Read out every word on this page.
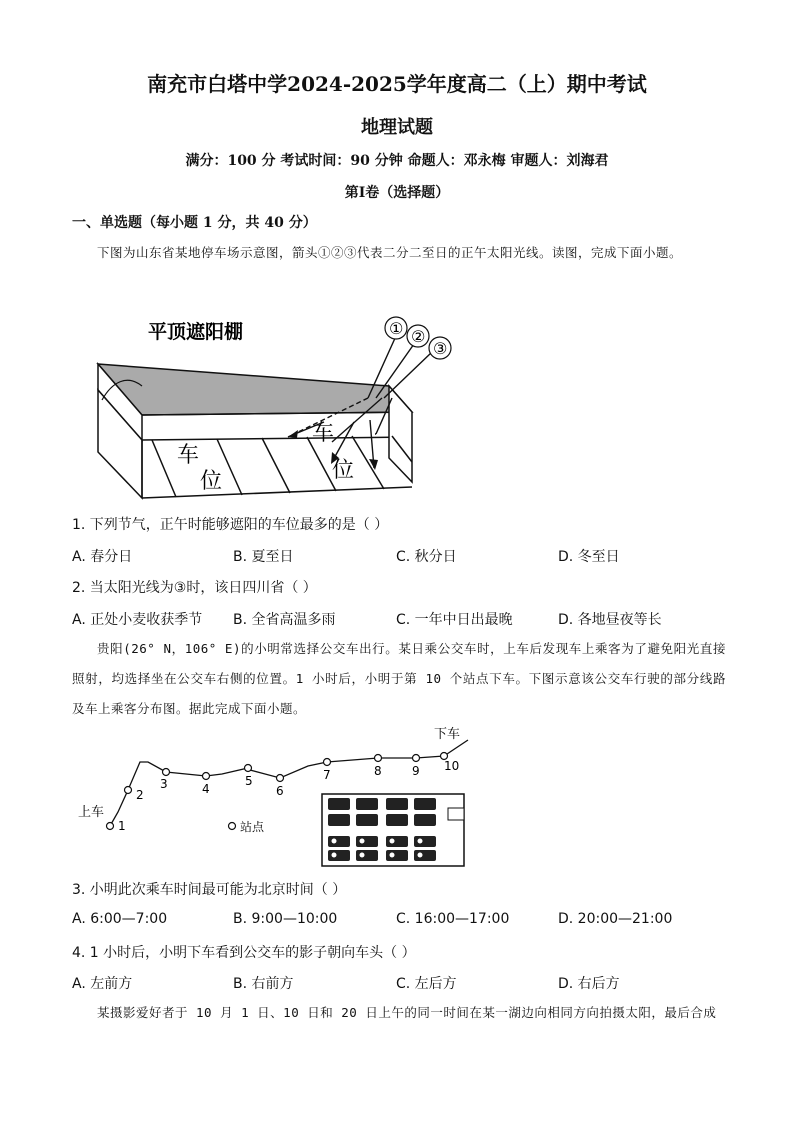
南充市白塔中学2024-2025学年度高二（上）期中考试
地理试题
满分：100 分 考试时间：90 分钟 命题人：邓永梅 审题人：刘海君
第Ⅰ卷（选择题）
一、单选题（每小题 1 分，共 40 分）
下图为山东省某地停车场示意图，箭头①②③代表二分二至日的正午太阳光线。读图，完成下面小题。
平顶遮阳棚
车
位
车
位
① ②
③
1. 下列节气，正午时能够遮阳的车位最多的是（ ）
A. 春分日	B. 夏至日	C. 秋分日	D. 冬至日
2. 当太阳光线为③时，该日四川省（ ）
A. 正处小麦收获季节 B. 全省高温多雨	C. 一年中日出最晚	D. 各地昼夜等长
贵阳(26° N，106° E)的小明常选择公交车出行。某日乘公交车时，上车后发现车上乘客为了避免阳光直接照射，均选择坐在公交车右侧的位置。1 小时后，小明于第 10 个站点下车。下图示意该公交车行驶的部分线路及车上乘客分布图。据此完成下面小题。
1
2
3	4
5
6
7	8	9 10
上车
下车
站点
3. 小明此次乘车时间最可能为北京时间（ ）
A. 6:00—7:00	B. 9:00—10:00	C. 16:00—17:00	D. 20:00—21:00
4. 1 小时后，小明下车看到公交车的影子朝向车头（ ）
A. 左前方	B. 右前方	C. 左后方	D. 右后方
某摄影爱好者于 10 月 1 日、10 日和 20 日上午的同一时间在某一湖边向相同方向拍摄太阳，最后合成
